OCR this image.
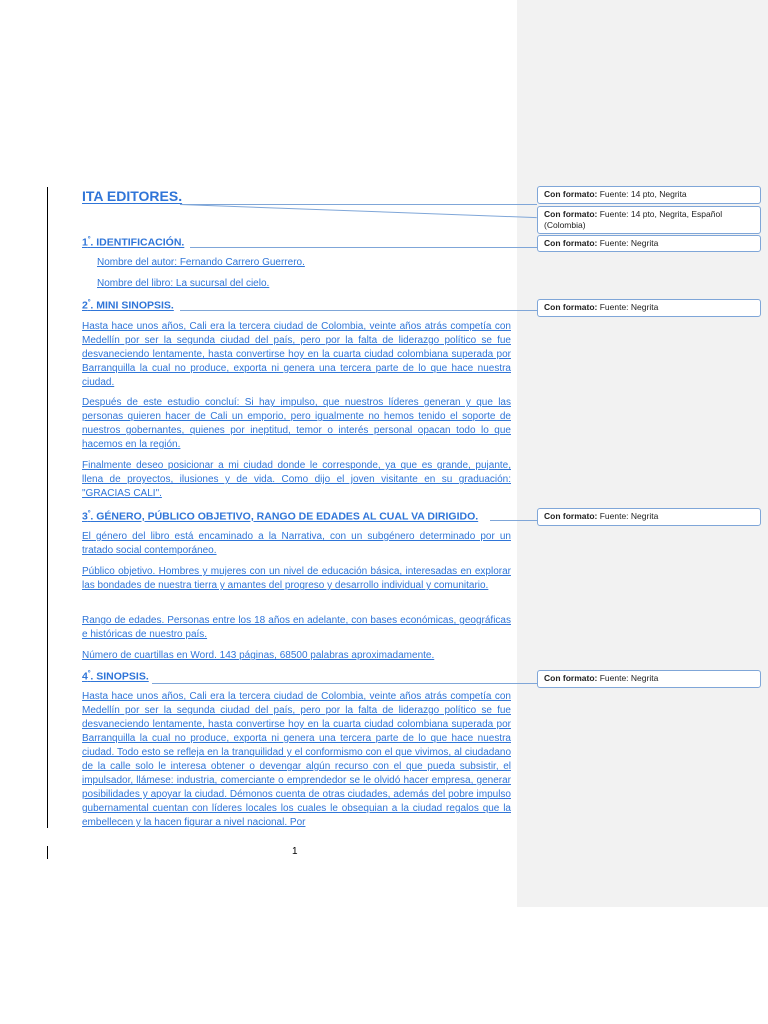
ITA EDITORES.
$1^º$. IDENTIFICACIÓN.
Nombre del autor: Fernando Carrero Guerrero.
Nombre del libro: La sucursal del cielo.
$2^º$. MINI SINOPSIS.
Hasta hace unos años, Cali era la tercera ciudad de Colombia, veinte años atrás competía con Medellín por ser la segunda ciudad del país, pero por la falta de liderazgo político se fue desvaneciendo lentamente, hasta convertirse hoy en la cuarta ciudad colombiana superada por Barranquilla la cual no produce, exporta ni genera una tercera parte de lo que hace nuestra ciudad.
Después de este estudio concluí: Si hay impulso, que nuestros líderes generan y que las personas quieren hacer de Cali un emporio, pero igualmente no hemos tenido el soporte de nuestros gobernantes, quienes por ineptitud, temor o interés personal opacan todo lo que hacemos en la región.
Finalmente deseo posicionar a mi ciudad donde le corresponde, ya que es grande, pujante, llena de proyectos, ilusiones y de vida. Como dijo el joven visitante en su graduación: "GRACIAS CALI".
$3^º$. GÉNERO, PÚBLICO OBJETIVO, RANGO DE EDADES AL CUAL VA DIRIGIDO.
El género del libro está encaminado a la Narrativa, con un subgénero determinado por un tratado social contemporáneo.
Público objetivo. Hombres y mujeres con un nivel de educación básica, interesadas en explorar las bondades de nuestra tierra y amantes del progreso y desarrollo individual y comunitario.
Rango de edades. Personas entre los 18 años en adelante, con bases económicas, geográficas e históricas de nuestro país.
Número de cuartillas en Word. 143 páginas, 68500 palabras aproximadamente.
$4^º$. SINOPSIS.
Hasta hace unos años, Cali era la tercera ciudad de Colombia, veinte años atrás competía con Medellín por ser la segunda ciudad del país, pero por la falta de liderazgo político se fue desvaneciendo lentamente, hasta convertirse hoy en la cuarta ciudad colombiana superada por Barranquilla la cual no produce, exporta ni genera una tercera parte de lo que hace nuestra ciudad. Todo esto se refleja en la tranquilidad y el conformismo con el que vivimos, al ciudadano de la calle solo le interesa obtener o devengar algún recurso con el que pueda subsistir, el impulsador, llámese: industria, comerciante o emprendedor se le olvidó hacer empresa, generar posibilidades y apoyar la ciudad. Démonos cuenta de otras ciudades, además del pobre impulso gubernamental cuentan con líderes locales los cuales le obsequian a la ciudad regalos que la embellecen y la hacen figurar a nivel nacional. Por
1
Con formato: Fuente: 14 pto, Negrita
Con formato: Fuente: 14 pto, Negrita, Español (Colombia)
Con formato: Fuente: Negrita
Con formato: Fuente: Negrita
Con formato: Fuente: Negrita
Con formato: Fuente: Negrita
